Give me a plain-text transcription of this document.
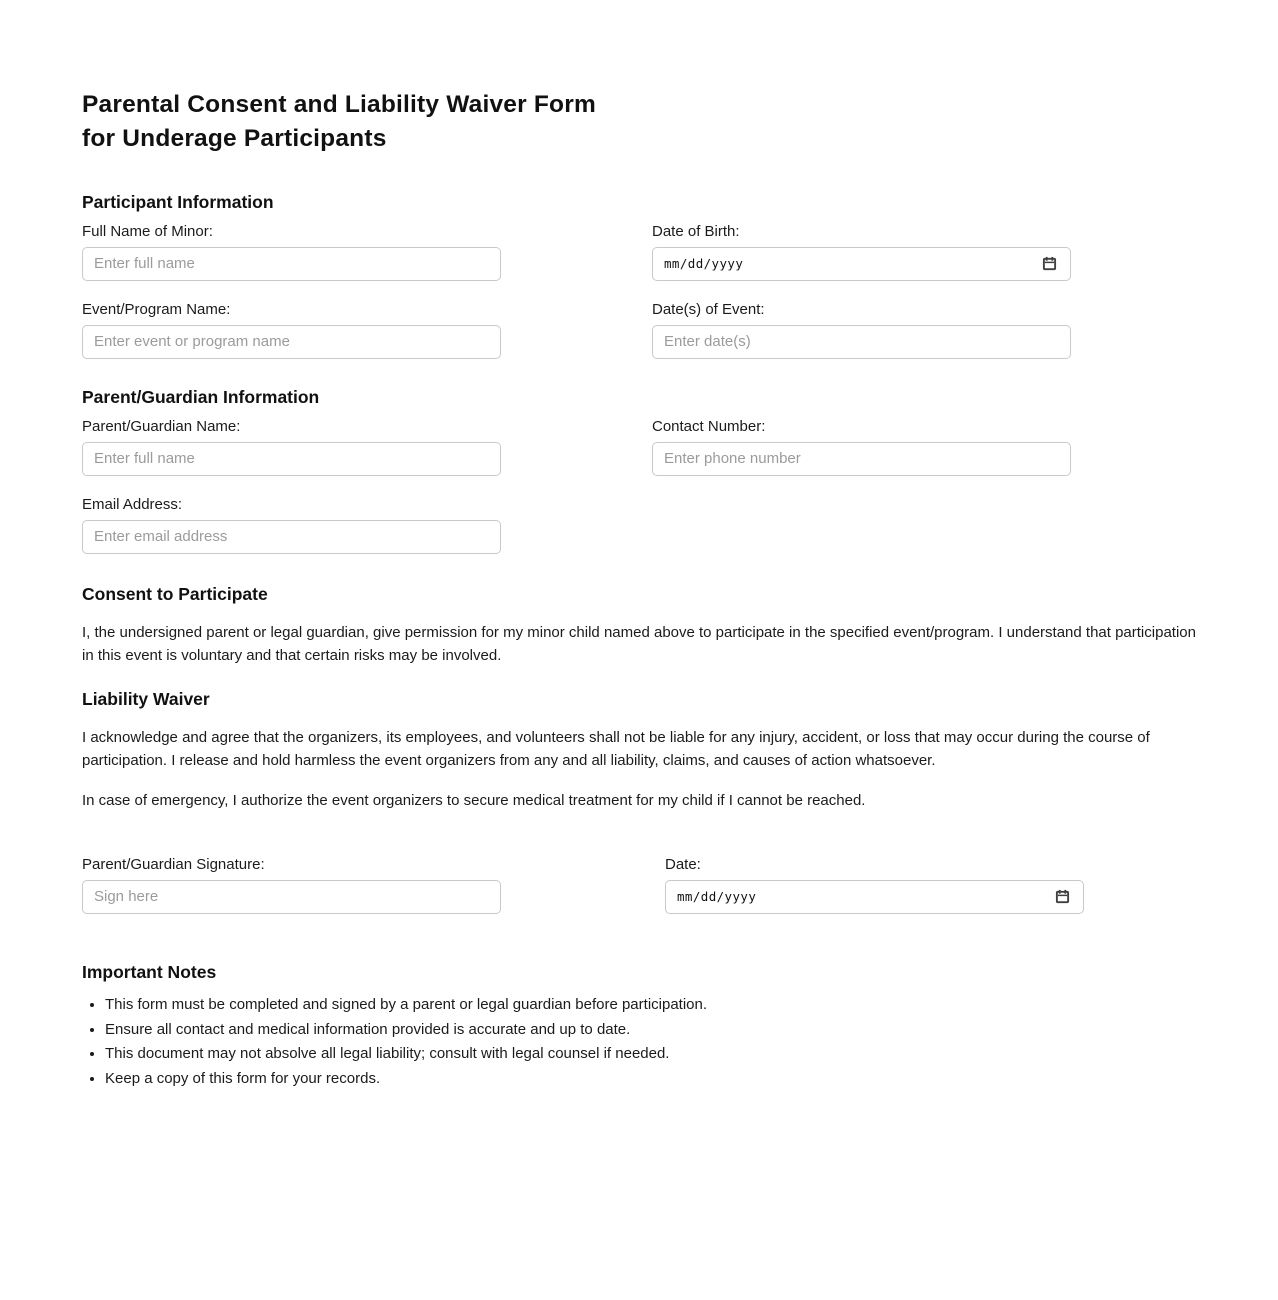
Parental Consent and Liability Waiver Form
for Underage Participants
Participant Information
Full Name of Minor:
Enter full name	Date of Birth:
mm/dd/yyyy
Event/Program Name:
Enter event or program name	Date(s) of Event:
Enter date(s)
Parent/Guardian Information
Parent/Guardian Name:
Enter full name	Contact Number:
Enter phone number
Email Address:
Enter email address
Consent to Participate

I, the undersigned parent or legal guardian, give permission for my minor child named above to participate in the specified event/program. I understand that participation in this event is voluntary and that certain risks may be involved.

Liability Waiver

I acknowledge and agree that the organizers, its employees, and volunteers shall not be liable for any injury, accident, or loss that may occur during the course of participation. I release and hold harmless the event organizers from any and all liability, claims, and causes of action whatsoever.

In case of emergency, I authorize the event organizers to secure medical treatment for my child if I cannot be reached.

Parent/Guardian Signature:
Sign here	Date:
mm/dd/yyyy
Important Notes
• This form must be completed and signed by a parent or legal guardian before participation.
• Ensure all contact and medical information provided is accurate and up to date.
• This document may not absolve all legal liability; consult with legal counsel if needed.
• Keep a copy of this form for your records.
